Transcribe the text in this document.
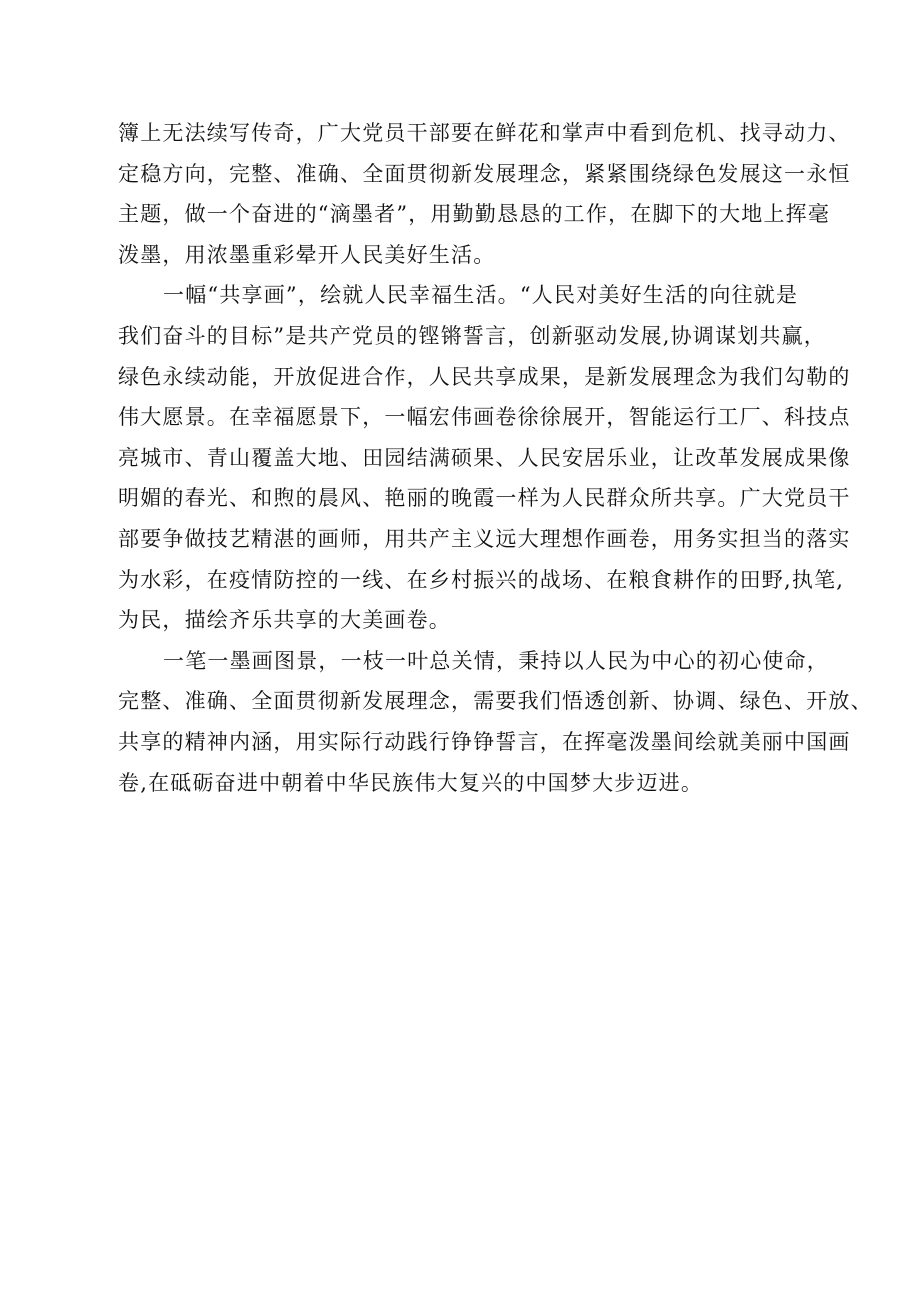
簿上无法续写传奇，广大党员干部要在鲜花和掌声中看到危机、找寻动力、
定稳方向，完整、准确、全面贯彻新发展理念，紧紧围绕绿色发展这一永恒
主题，做一个奋进的“滴墨者”，用勤勤恳恳的工作，在脚下的大地上挥毫
泼墨，用浓墨重彩晕开人民美好生活。

一幅“共享画”，绘就人民幸福生活。“人民对美好生活的向往就是
我们奋斗的目标”是共产党员的铿锵誓言，创新驱动发展,协调谋划共赢，
绿色永续动能，开放促进合作，人民共享成果，是新发展理念为我们勾勒的
伟大愿景。在幸福愿景下，一幅宏伟画卷徐徐展开，智能运行工厂、科技点
亮城市、青山覆盖大地、田园结满硕果、人民安居乐业，让改革发展成果像
明媚的春光、和煦的晨风、艳丽的晚霞一样为人民群众所共享。广大党员干
部要争做技艺精湛的画师，用共产主义远大理想作画卷，用务实担当的落实
为水彩，在疫情防控的一线、在乡村振兴的战场、在粮食耕作的田野,执笔,
为民，描绘齐乐共享的大美画卷。

一笔一墨画图景，一枝一叶总关情，秉持以人民为中心的初心使命，
完整、准确、全面贯彻新发展理念，需要我们悟透创新、协调、绿色、开放、
共享的精神内涵，用实际行动践行铮铮誓言，在挥毫泼墨间绘就美丽中国画
卷,在砥砺奋进中朝着中华民族伟大复兴的中国梦大步迈进。
